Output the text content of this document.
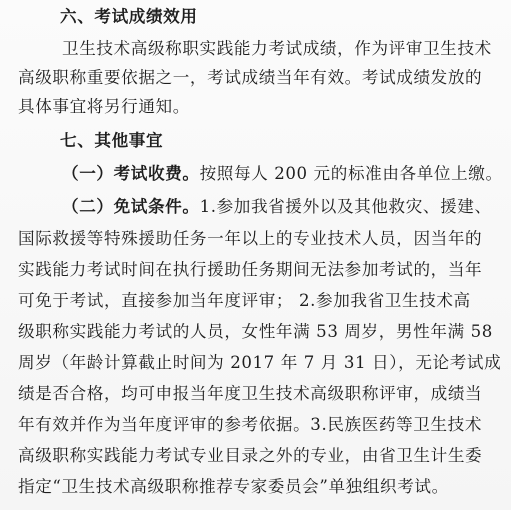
六、考试成绩效用
卫生技术高级称职实践能力考试成绩，作为评审卫生技术
高级职称重要依据之一，考试成绩当年有效。考试成绩发放的
具体事宜将另行通知。
七、其他事宜
（一）考试收费。按照每人 200 元的标准由各单位上缴。
（二）免试条件。1.参加我省援外以及其他救灾、援建、
国际救援等特殊援助任务一年以上的专业技术人员，因当年的
实践能力考试时间在执行援助任务期间无法参加考试的，当年
可免于考试，直接参加当年度评审； 2.参加我省卫生技术高
级职称实践能力考试的人员，女性年满 53 周岁，男性年满 58
周岁（年龄计算截止时间为 2017 年 7 月 31 日），无论考试成
绩是否合格，均可申报当年度卫生技术高级职称评审，成绩当
年有效并作为当年度评审的参考依据。3.民族医药等卫生技术
高级职称实践能力考试专业目录之外的专业，由省卫生计生委
指定“卫生技术高级职称推荐专家委员会”单独组织考试。
